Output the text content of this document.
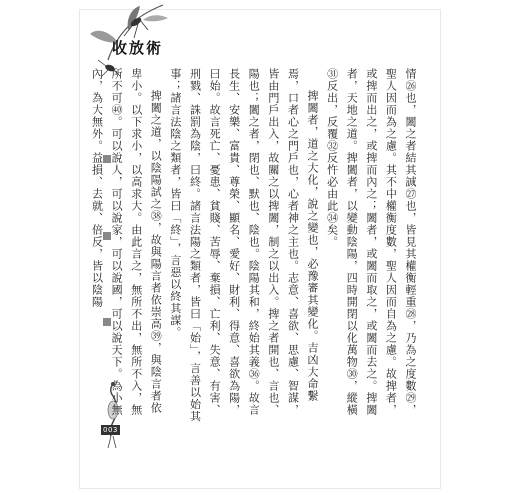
收放術
003

情㉖也，闔之者結其誠㉗也，皆見其權衡輕重㉘，乃為之度數㉙，聖人因而為之慮。其不中權衡度數，聖人因而自為之慮。故捭者，或捭而出之，或捭而內之；闔者，或闔而取之，或闔而去之。捭闔者，天地之道。捭闔者，以變動陰陽，四時開閉以化萬物㉚，縱橫㉛反出，反覆㉜反忤必由此㉞矣。

捭闔者，道之大化，說之變也，必豫審其變化。吉凶大命繫焉，口者心之門戶也，心者神之主也。志意、喜欲、思慮、智謀，皆由門戶出入，故關之以捭闔，制之以出入。捭之者開也、言也、陽也；闔之者，閉也、默也、陰也。陰陽其和，終始其義㊱。故言長生、安樂、富貴、尊榮、顯名、愛好、財利、得意、喜欲為陽，曰始。故言死亡、憂患、貧賤、苦辱、棄損、亡利、失意、有害、刑戮、誅罰為陰，曰終。諸言法陽之類者，皆曰「始」，言善以始其事；諸言法陰之類者，皆曰「終」，言惡以終其謀。

捭闔之道，以陰陽試之㊳，故與陽言者依崇高㊴，與陰言者依卑小。以下求小，以高求大。由此言之，無所不出，無所不入，無所不可㊵。可以說人，可以說家，可以說國，可以說天下。為小無內，為大無外。益損、去就、倍反，皆以陰陽
